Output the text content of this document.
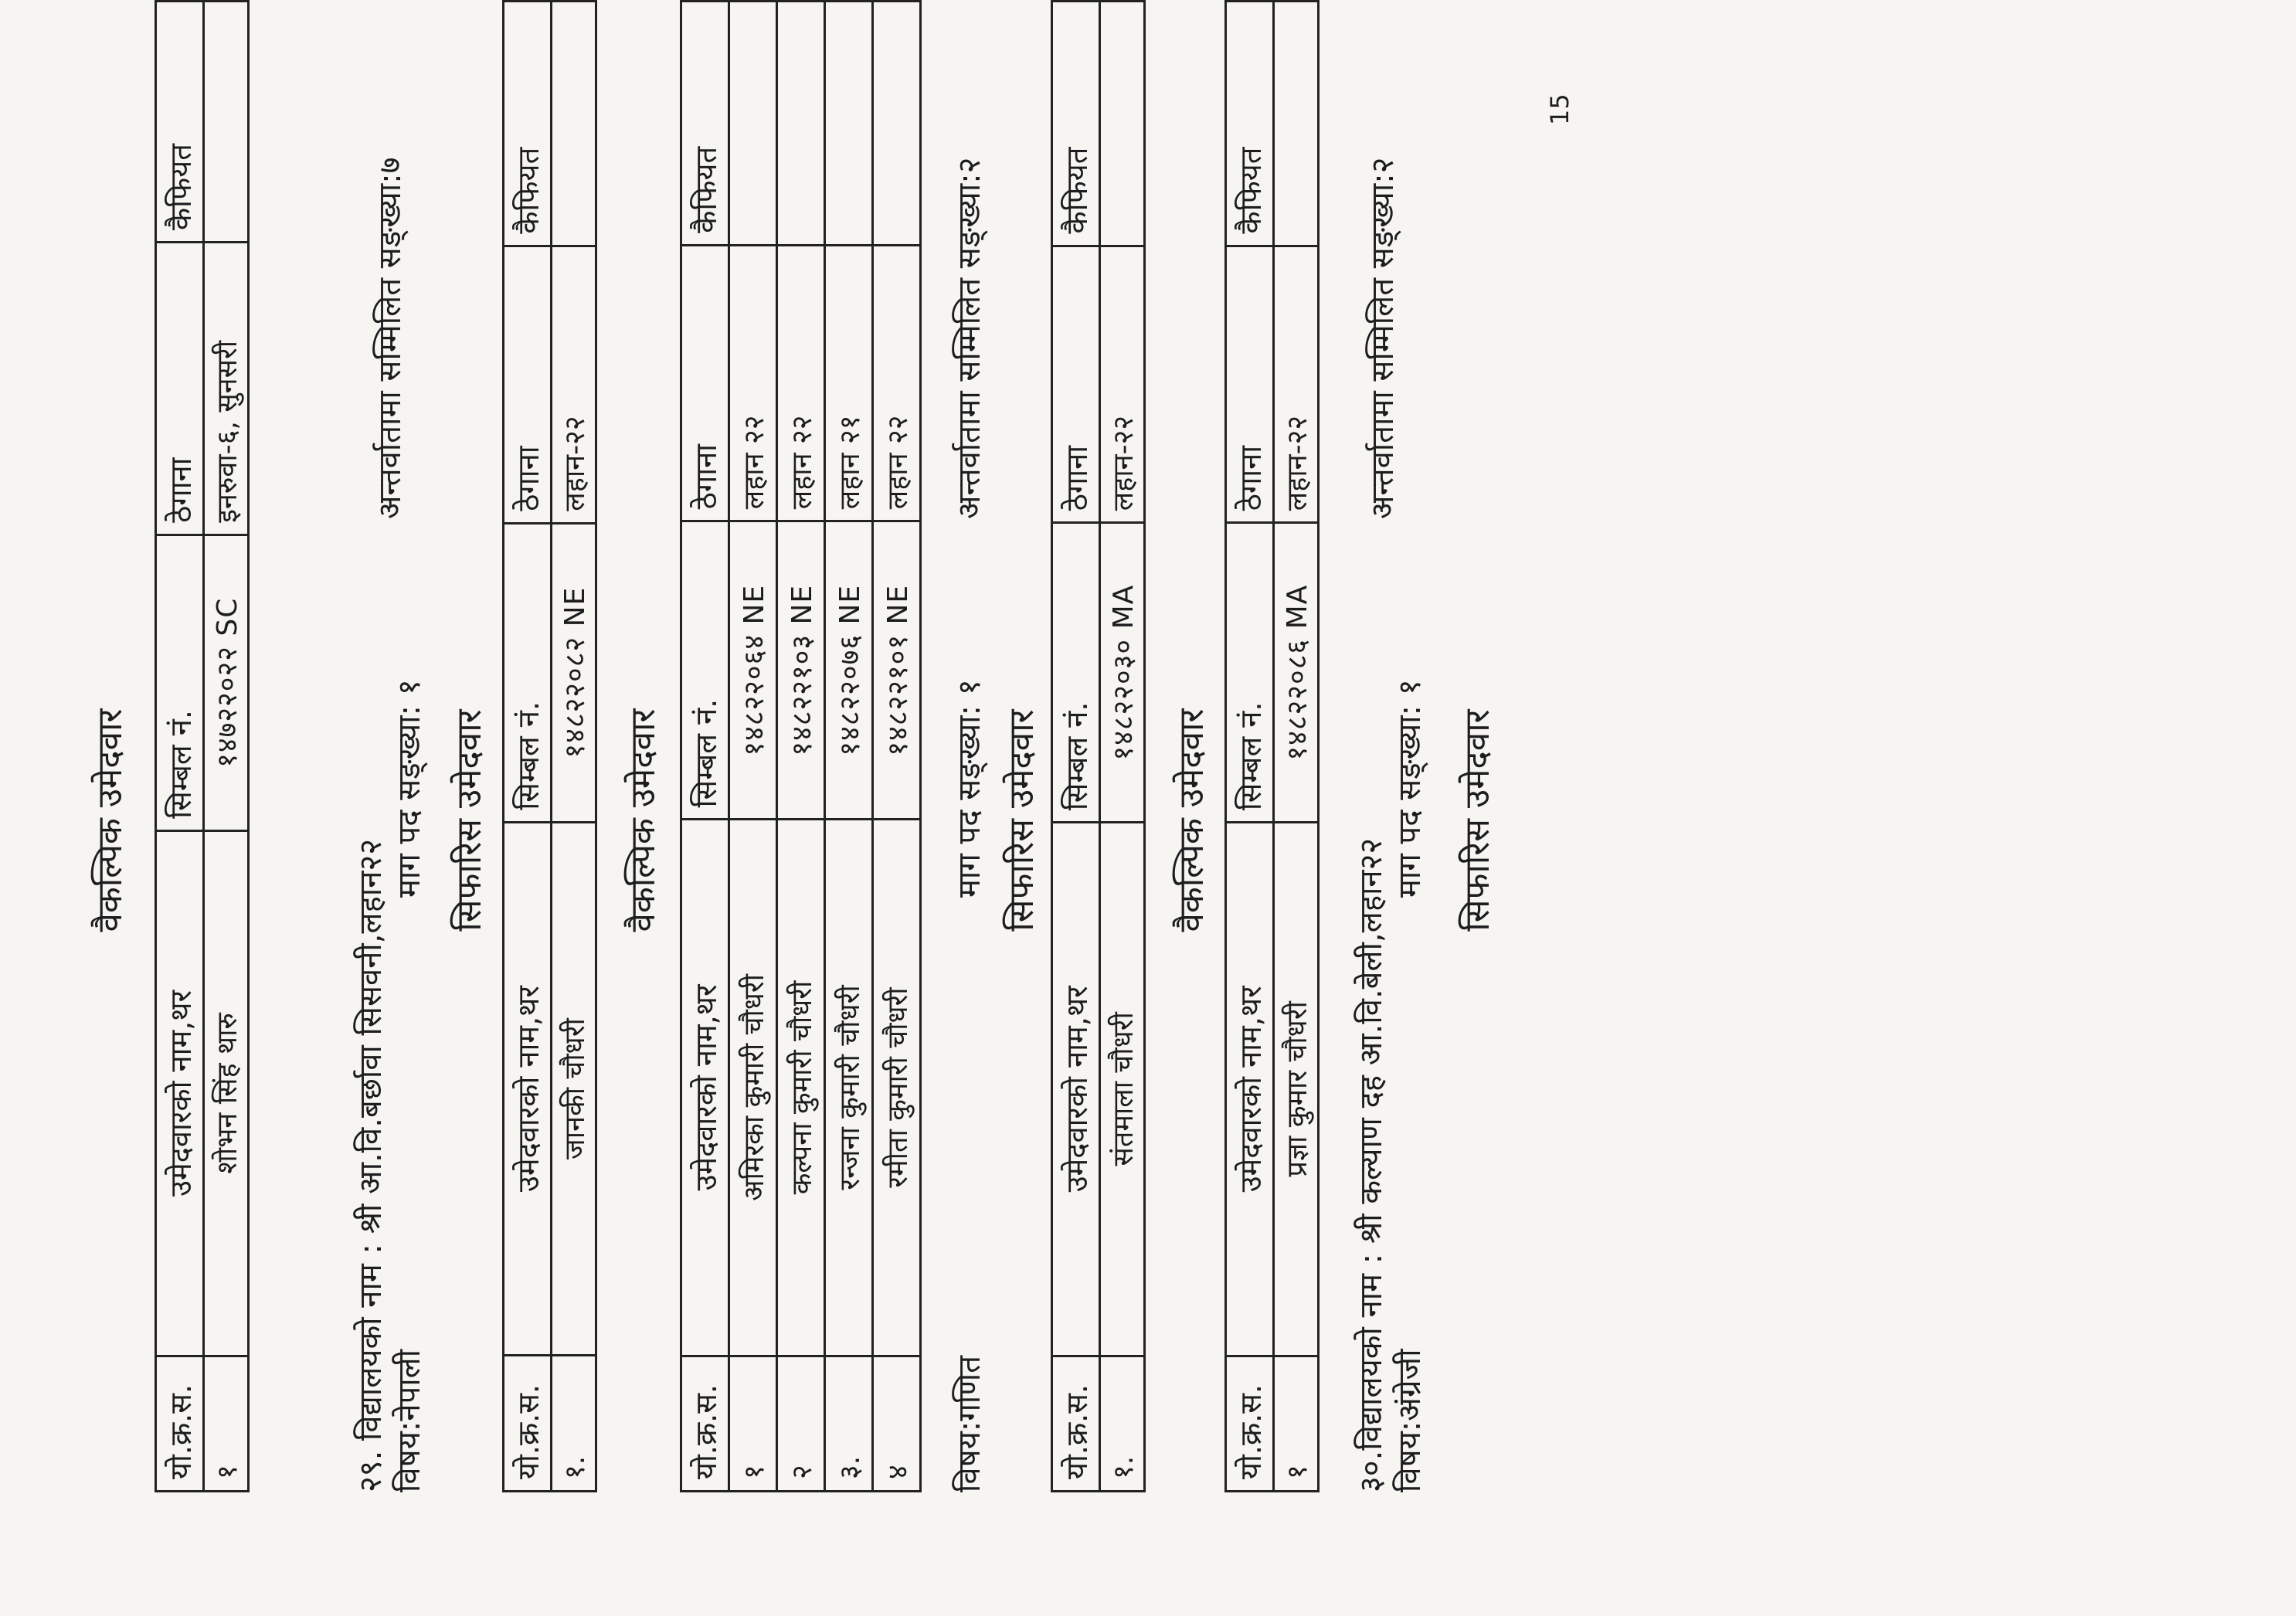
वैकल्पिक उमेदवार
यो.क्र.स.	उमेदवारको नाम,थर	सिम्बल नं.	ठेगाना	कैफियत
१	शोभन सिंह थारु	१४७२२०२२ SC	इनरुवा-६, सुनसरी	
२९. विद्यालयको नाम : श्री आ.वि.बर्छावा सिसवनी,लहान२२ विषय:नेपाली
माग पद सङ्ख्या: १
अन्तर्वातामा सम्मिलित सङ्ख्या:७
सिफारिस उमेदवार
यो.क्र.स.	उमेदवारको नाम,थर	सिम्बल नं.	ठेगाना	कैफियत
१.	जानकी चौधरी	१४८२२०८२ NE	लहान-२२	
वैकल्पिक उमेदवार
यो.क्र.स.	उमेदवारको नाम,थर	सिम्बल नं.	ठेगाना	कैफियत
१	अमिरका कुमारी चौधरी	१४८२२०६४ NE	लहान २२	
२	कल्पना कुमारी चौधरी	१४८२२१०३ NE	लहान २२	
३.	रन्जना कुमारी चौधरी	१४८२२०७६ NE	लहान २१	
४	रमीता कुमारी चौधरी	१४८२२१०१ NE	लहान २२	
विषय:गणित
माग पद सङ्ख्या: १
अन्तर्वातामा सम्मिलित सङ्ख्या:२
सिफारिस उमेदवार
यो.क्र.स.	उमेदवारको नाम,थर	सिम्बल नं.	ठेगाना	कैफियत
१.	संतमाला चौधरी	१४८२२०३० MA	लहान-२२	
वैकल्पिक उमेदवार
यो.क्र.स.	उमेदवारको नाम,थर	सिम्बल नं.	ठेगाना	कैफियत
१	प्रज्ञा कुमार चौधरी	१४८२२०८६ MA	लहान-२२	
३०.विद्यालयको नाम : श्री कल्याण दह आ.वि.बेली,लहान२२ विषय:अंग्रेजी
माग पद सङ्ख्या: १
अन्तर्वातामा सम्मिलित सङ्ख्या:२
सिफारिस उमेदवार
15
